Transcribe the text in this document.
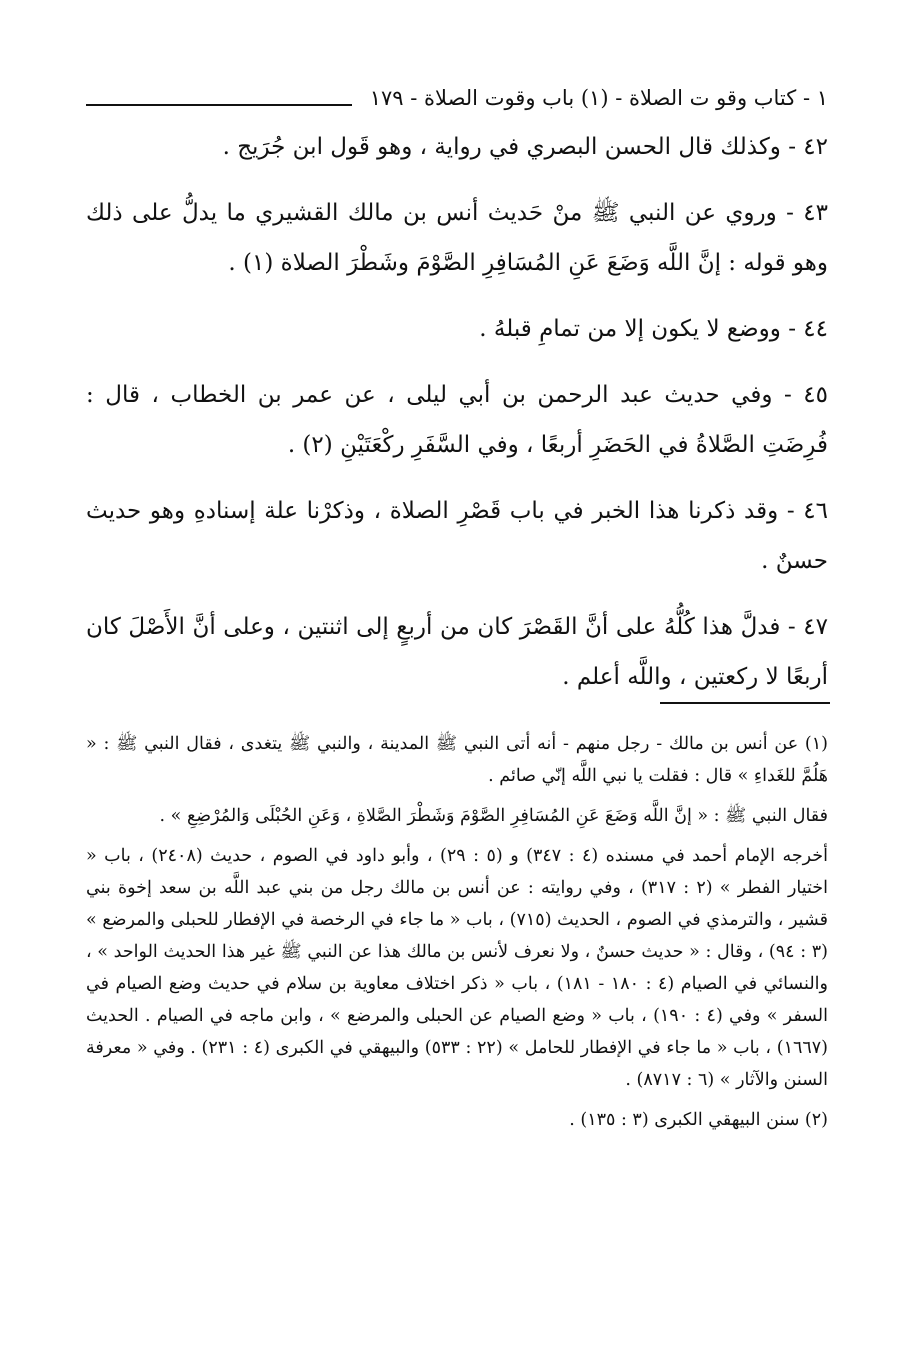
١ - كتاب وقو ت الصلاة - (١) باب وقوت الصلاة - ١٧٩

٤٢ - وكذلك قال الحسن البصري في رواية ، وهو قَول ابن جُرَيج .

٤٣ - وروي عن النبي ﷺ منْ حَديث أنس بن مالك القشيري ما يدلُّ على ذلك وهو قوله : إنَّ اللَّه وَضَعَ عَنِ المُسَافِرِ الصَّوْمَ وشَطْرَ الصلاة (١) .

٤٤ - ووضع لا يكون إلا من تمامِ قبلهُ .

٤٥ - وفي حديث عبد الرحمن بن أبي ليلى ، عن عمر بن الخطاب ، قال : فُرِضَتِ الصَّلاةُ في الحَضَرِ أربعًا ، وفي السَّفَرِ ركْعَتَيْنِ (٢) .

٤٦ - وقد ذكرنا هذا الخبر في باب قَصْرِ الصلاة ، وذكرْنا علة إسنادهِ وهو حديث حسنٌ .

٤٧ - فدلَّ هذا كُلُّهُ على أنَّ القَصْرَ كان من أربعٍ إلى اثنتين ، وعلى أنَّ الأَصْلَ كان أربعًا لا ركعتين ، واللَّه أعلم .

(١) عن أنس بن مالك - رجل منهم - أنه أتى النبي ﷺ المدينة ، والنبي ﷺ يتغدى ، فقال النبي ﷺ : « هَلُمَّ للغَداءِ » قال : فقلت يا نبي اللَّه إنّي صائم .

فقال النبي ﷺ : « إنَّ اللَّه وَضَعَ عَنِ المُسَافِرِ الصَّوْمَ وَشَطْرَ الصَّلاةِ ، وَعَنِ الحُبْلَى وَالمُرْضِعِ » .

أخرجه الإمام أحمد في مسنده (٤ : ٣٤٧) و (٥ : ٢٩) ، وأبو داود في الصوم ، حديث (٢٤٠٨) ، باب « اختيار الفطر » (٢ : ٣١٧) ، وفي روايته : عن أنس بن مالك رجل من بني عبد اللَّه بن سعد إخوة بني قشير ، والترمذي في الصوم ، الحديث (٧١٥) ، باب « ما جاء في الرخصة في الإفطار للحبلى والمرضع » (٣ : ٩٤) ، وقال : « حديث حسنٌ ، ولا نعرف لأنس بن مالك هذا عن النبي ﷺ غير هذا الحديث الواحد » ، والنسائي في الصيام (٤ : ١٨٠ - ١٨١) ، باب « ذكر اختلاف معاوية بن سلام في حديث وضع الصيام في السفر » وفي (٤ : ١٩٠) ، باب « وضع الصيام عن الحبلى والمرضع » ، وابن ماجه في الصيام . الحديث (١٦٦٧) ، باب « ما جاء في الإفطار للحامل » (٢٢ : ٥٣٣) والبيهقي في الكبرى (٤ : ٢٣١) . وفي « معرفة السنن والآثار » (٦ : ٨٧١٧) .

(٢) سنن البيهقي الكبرى (٣ : ١٣٥) .
